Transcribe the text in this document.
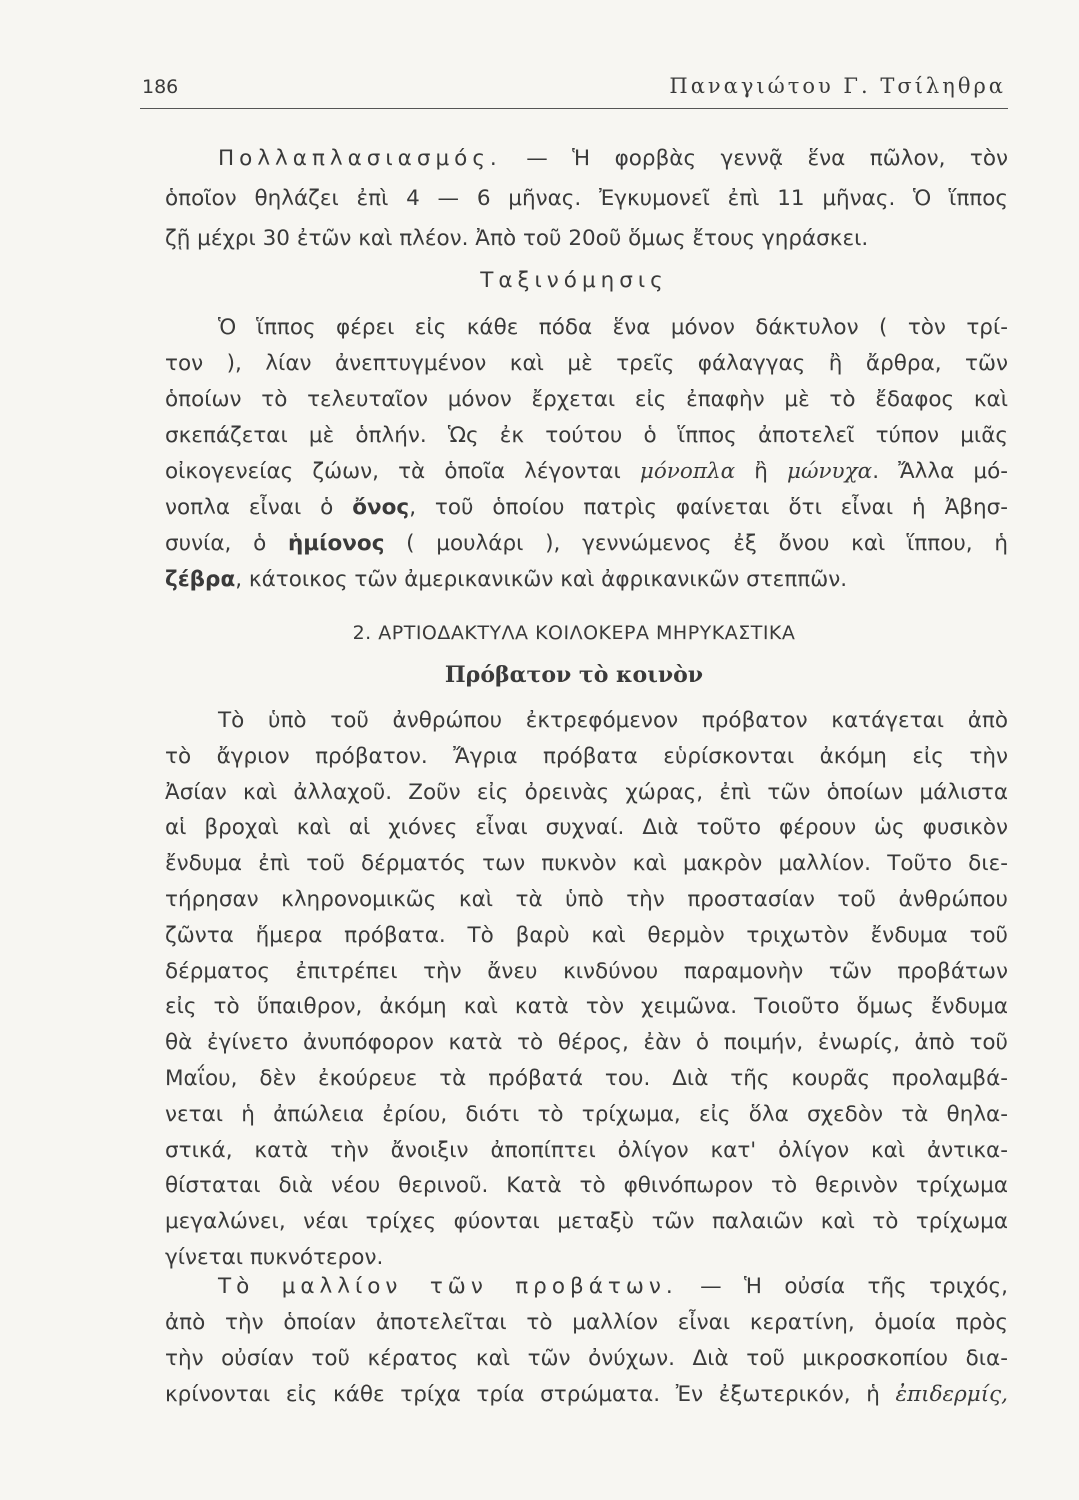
186	Παναγιώτου Γ. Τσίληθρα
Πολλαπλασιασμός. — Ἡ φορβὰς γεννᾷ ἕνα πῶλον, τὸν
ὁποῖον θηλάζει ἐπὶ 4 — 6 μῆνας. Ἐγκυμονεῖ ἐπὶ 11 μῆνας. Ὁ ἵππος
ζῇ μέχρι 30 ἐτῶν καὶ πλέον. Ἀπὸ τοῦ 20οῦ ὅμως ἔτους γηράσκει.
Ταξινόμησις
Ὁ ἵππος φέρει εἰς κάθε πόδα ἕνα μόνον δάκτυλον ( τὸν τρί-
τον ), λίαν ἀνεπτυγμένον καὶ μὲ τρεῖς φάλαγγας ἢ ἄρθρα, τῶν
ὁποίων τὸ τελευταῖον μόνον ἔρχεται εἰς ἐπαφὴν μὲ τὸ ἔδαφος καὶ
σκεπάζεται μὲ ὁπλήν. Ὡς ἐκ τούτου ὁ ἵππος ἀποτελεῖ τύπον μιᾶς
οἰκογενείας ζώων, τὰ ὁποῖα λέγονται μόνοπλα ἢ μώνυχα. Ἄλλα μό-
νοπλα εἶναι ὁ ὄνος, τοῦ ὁποίου πατρὶς φαίνεται ὅτι εἶναι ἡ Ἀβησ-
συνία, ὁ ἡμίονος ( μουλάρι ), γεννώμενος ἐξ ὄνου καὶ ἵππου, ἡ
ζέβρα, κάτοικος τῶν ἀμερικανικῶν καὶ ἀφρικανικῶν στεππῶν.
2. ΑΡΤΙΟΔΑΚΤΥΛΑ ΚΟΙΛΟΚΕΡΑ ΜΗΡΥΚΑΣΤΙΚΑ
Πρόβατον τὸ κοινὸν
Τὸ ὑπὸ τοῦ ἀνθρώπου ἐκτρεφόμενον πρόβατον κατάγεται ἀπὸ
τὸ ἄγριον πρόβατον. Ἄγρια πρόβατα εὑρίσκονται ἀκόμη εἰς τὴν
Ἀσίαν καὶ ἀλλαχοῦ. Ζοῦν εἰς ὀρεινὰς χώρας, ἐπὶ τῶν ὁποίων μάλιστα
αἱ βροχαὶ καὶ αἱ χιόνες εἶναι συχναί. Διὰ τοῦτο φέρουν ὡς φυσικὸν
ἔνδυμα ἐπὶ τοῦ δέρματός των πυκνὸν καὶ μακρὸν μαλλίον. Τοῦτο διε-
τήρησαν κληρονομικῶς καὶ τὰ ὑπὸ τὴν προστασίαν τοῦ ἀνθρώπου
ζῶντα ἥμερα πρόβατα. Τὸ βαρὺ καὶ θερμὸν τριχωτὸν ἔνδυμα τοῦ
δέρματος ἐπιτρέπει τὴν ἄνευ κινδύνου παραμονὴν τῶν προβάτων
εἰς τὸ ὕπαιθρον, ἀκόμη καὶ κατὰ τὸν χειμῶνα. Τοιοῦτο ὅμως ἔνδυμα
θὰ ἐγίνετο ἀνυπόφορον κατὰ τὸ θέρος, ἐὰν ὁ ποιμήν, ἐνωρίς, ἀπὸ τοῦ
Μαΐου, δὲν ἐκούρευε τὰ πρόβατά του. Διὰ τῆς κουρᾶς προλαμβά-
νεται ἡ ἀπώλεια ἐρίου, διότι τὸ τρίχωμα, εἰς ὅλα σχεδὸν τὰ θηλα-
στικά, κατὰ τὴν ἄνοιξιν ἀποπίπτει ὀλίγον κατ' ὀλίγον καὶ ἀντικα-
θίσταται διὰ νέου θερινοῦ. Κατὰ τὸ φθινόπωρον τὸ θερινὸν τρίχωμα
μεγαλώνει, νέαι τρίχες φύονται μεταξὺ τῶν παλαιῶν καὶ τὸ τρίχωμα
γίνεται πυκνότερον.
Τὸ μαλλίον τῶν προβάτων. — Ἡ οὐσία τῆς τριχός,
ἀπὸ τὴν ὁποίαν ἀποτελεῖται τὸ μαλλίον εἶναι κερατίνη, ὁμοία πρὸς
τὴν οὐσίαν τοῦ κέρατος καὶ τῶν ὀνύχων. Διὰ τοῦ μικροσκοπίου δια-
κρίνονται εἰς κάθε τρίχα τρία στρώματα. Ἐν ἐξωτερικόν, ἡ ἐπιδερμίς,
